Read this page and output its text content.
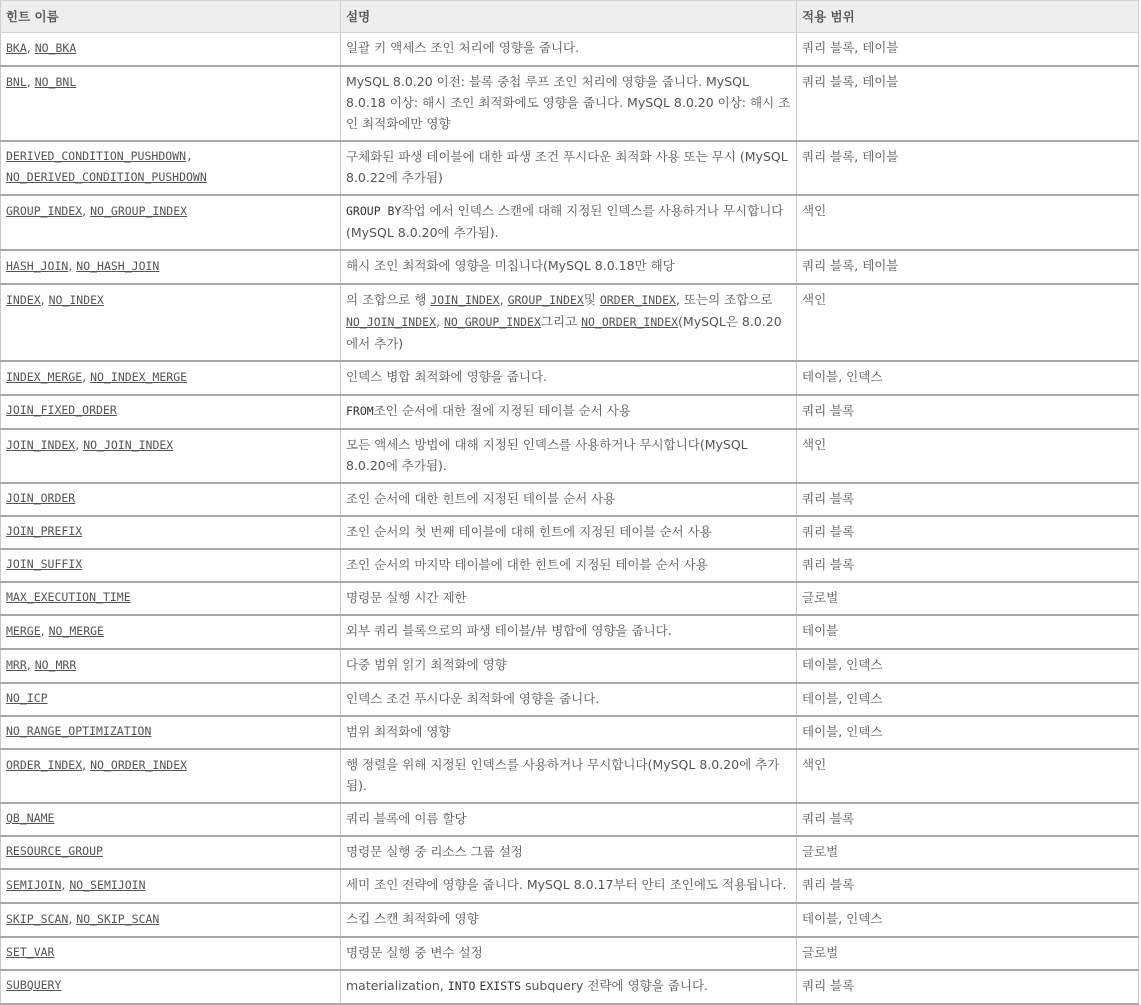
힌트 이름	설명	적용 범위
BKA, NO_BKA	일괄 키 액세스 조인 처리에 영향을 줍니다.	쿼리 블록, 테이블
BNL, NO_BNL	MySQL 8.0.20 이전: 블록 중첩 루프 조인 처리에 영향을 줍니다. MySQL 8.0.18 이상: 해시 조인 최적화에도 영향을 줍니다. MySQL 8.0.20 이상: 해시 조인 최적화에만 영향	쿼리 블록, 테이블
DERIVED_CONDITION_PUSHDOWN,
NO_DERIVED_CONDITION_PUSHDOWN	구체화된 파생 테이블에 대한 파생 조건 푸시다운 최적화 사용 또는 무시 (MySQL 8.0.22에 추가됨)	쿼리 블록, 테이블
GROUP_INDEX, NO_GROUP_INDEX	GROUP BY작업 에서 인덱스 스캔에 대해 지정된 인덱스를 사용하거나 무시합니다 (MySQL 8.0.20에 추가됨).	색인
HASH_JOIN, NO_HASH_JOIN	해시 조인 최적화에 영향을 미칩니다(MySQL 8.0.18만 해당	쿼리 블록, 테이블
INDEX, NO_INDEX	의 조합으로 행 JOIN_INDEX, GROUP_INDEX및 ORDER_INDEX, 또는의 조합으로 NO_JOIN_INDEX, NO_GROUP_INDEX그리고 NO_ORDER_INDEX(MySQL은 8.0.20에서 추가)	색인
INDEX_MERGE, NO_INDEX_MERGE	인덱스 병합 최적화에 영향을 줍니다.	테이블, 인덱스
JOIN_FIXED_ORDER	FROM조인 순서에 대한 절에 지정된 테이블 순서 사용	쿼리 블록
JOIN_INDEX, NO_JOIN_INDEX	모든 액세스 방법에 대해 지정된 인덱스를 사용하거나 무시합니다(MySQL 8.0.20에 추가됨).	색인
JOIN_ORDER	조인 순서에 대한 힌트에 지정된 테이블 순서 사용	쿼리 블록
JOIN_PREFIX	조인 순서의 첫 번째 테이블에 대해 힌트에 지정된 테이블 순서 사용	쿼리 블록
JOIN_SUFFIX	조인 순서의 마지막 테이블에 대한 힌트에 지정된 테이블 순서 사용	쿼리 블록
MAX_EXECUTION_TIME	명령문 실행 시간 제한	글로벌
MERGE, NO_MERGE	외부 쿼리 블록으로의 파생 테이블/뷰 병합에 영향을 줍니다.	테이블
MRR, NO_MRR	다중 범위 읽기 최적화에 영향	테이블, 인덱스
NO_ICP	인덱스 조건 푸시다운 최적화에 영향을 줍니다.	테이블, 인덱스
NO_RANGE_OPTIMIZATION	범위 최적화에 영향	테이블, 인덱스
ORDER_INDEX, NO_ORDER_INDEX	행 정렬을 위해 지정된 인덱스를 사용하거나 무시합니다(MySQL 8.0.20에 추가됨).	색인
QB_NAME	쿼리 블록에 이름 할당	쿼리 블록
RESOURCE_GROUP	명령문 실행 중 리소스 그룹 설정	글로벌
SEMIJOIN, NO_SEMIJOIN	세미 조인 전략에 영향을 줍니다. MySQL 8.0.17부터 안티 조인에도 적용됩니다.	쿼리 블록
SKIP_SCAN, NO_SKIP_SCAN	스킵 스캔 최적화에 영향	테이블, 인덱스
SET_VAR	명령문 실행 중 변수 설정	글로벌
SUBQUERY	materialization, INTO EXISTS subquery 전략에 영향을 줍니다.	쿼리 블록
